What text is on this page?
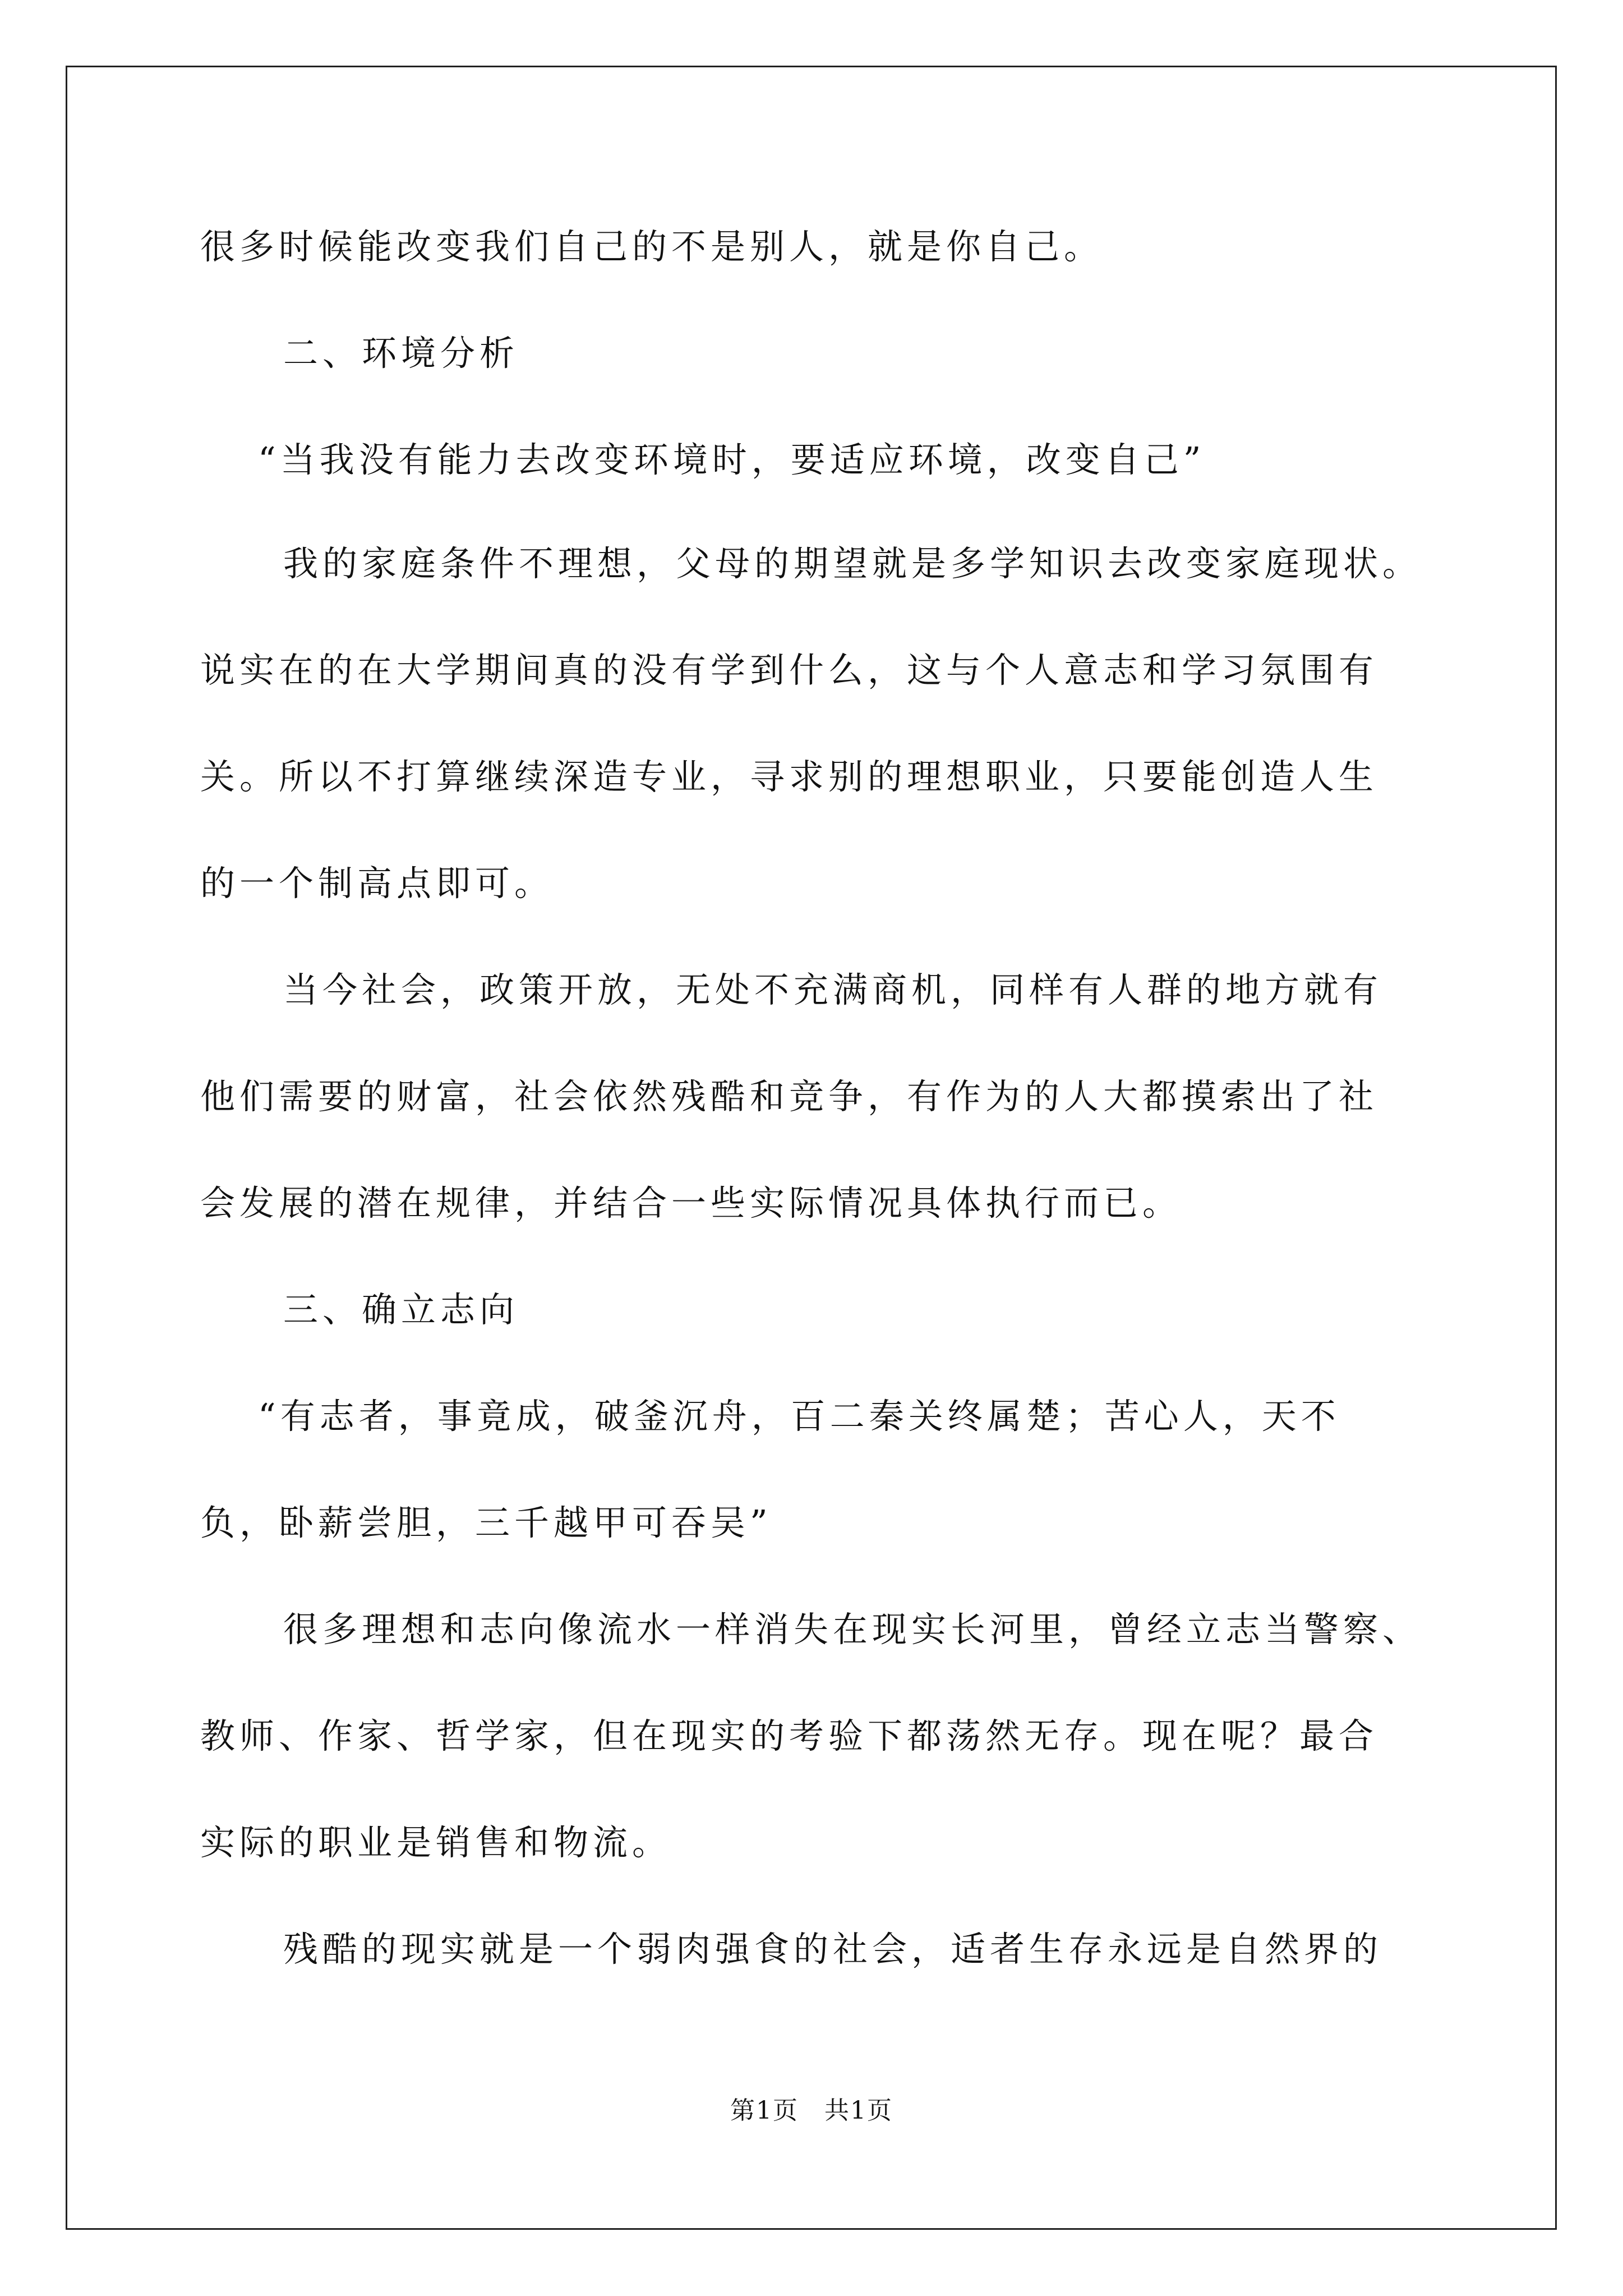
很多时候能改变我们自己的不是别人，就是你自己。
二、环境分析
“当我没有能力去改变环境时，要适应环境，改变自己”
我的家庭条件不理想，父母的期望就是多学知识去改变家庭现状。
说实在的在大学期间真的没有学到什么，这与个人意志和学习氛围有
关。所以不打算继续深造专业，寻求别的理想职业，只要能创造人生
的一个制高点即可。
当今社会，政策开放，无处不充满商机，同样有人群的地方就有
他们需要的财富，社会依然残酷和竞争，有作为的人大都摸索出了社
会发展的潜在规律，并结合一些实际情况具体执行而已。
三、确立志向
“有志者，事竟成，破釜沉舟，百二秦关终属楚；苦心人，天不
负，卧薪尝胆，三千越甲可吞吴”
很多理想和志向像流水一样消失在现实长河里，曾经立志当警察、
教师、作家、哲学家，但在现实的考验下都荡然无存。现在呢？最合
实际的职业是销售和物流。
残酷的现实就是一个弱肉强食的社会，适者生存永远是自然界的
第1页　共1页
